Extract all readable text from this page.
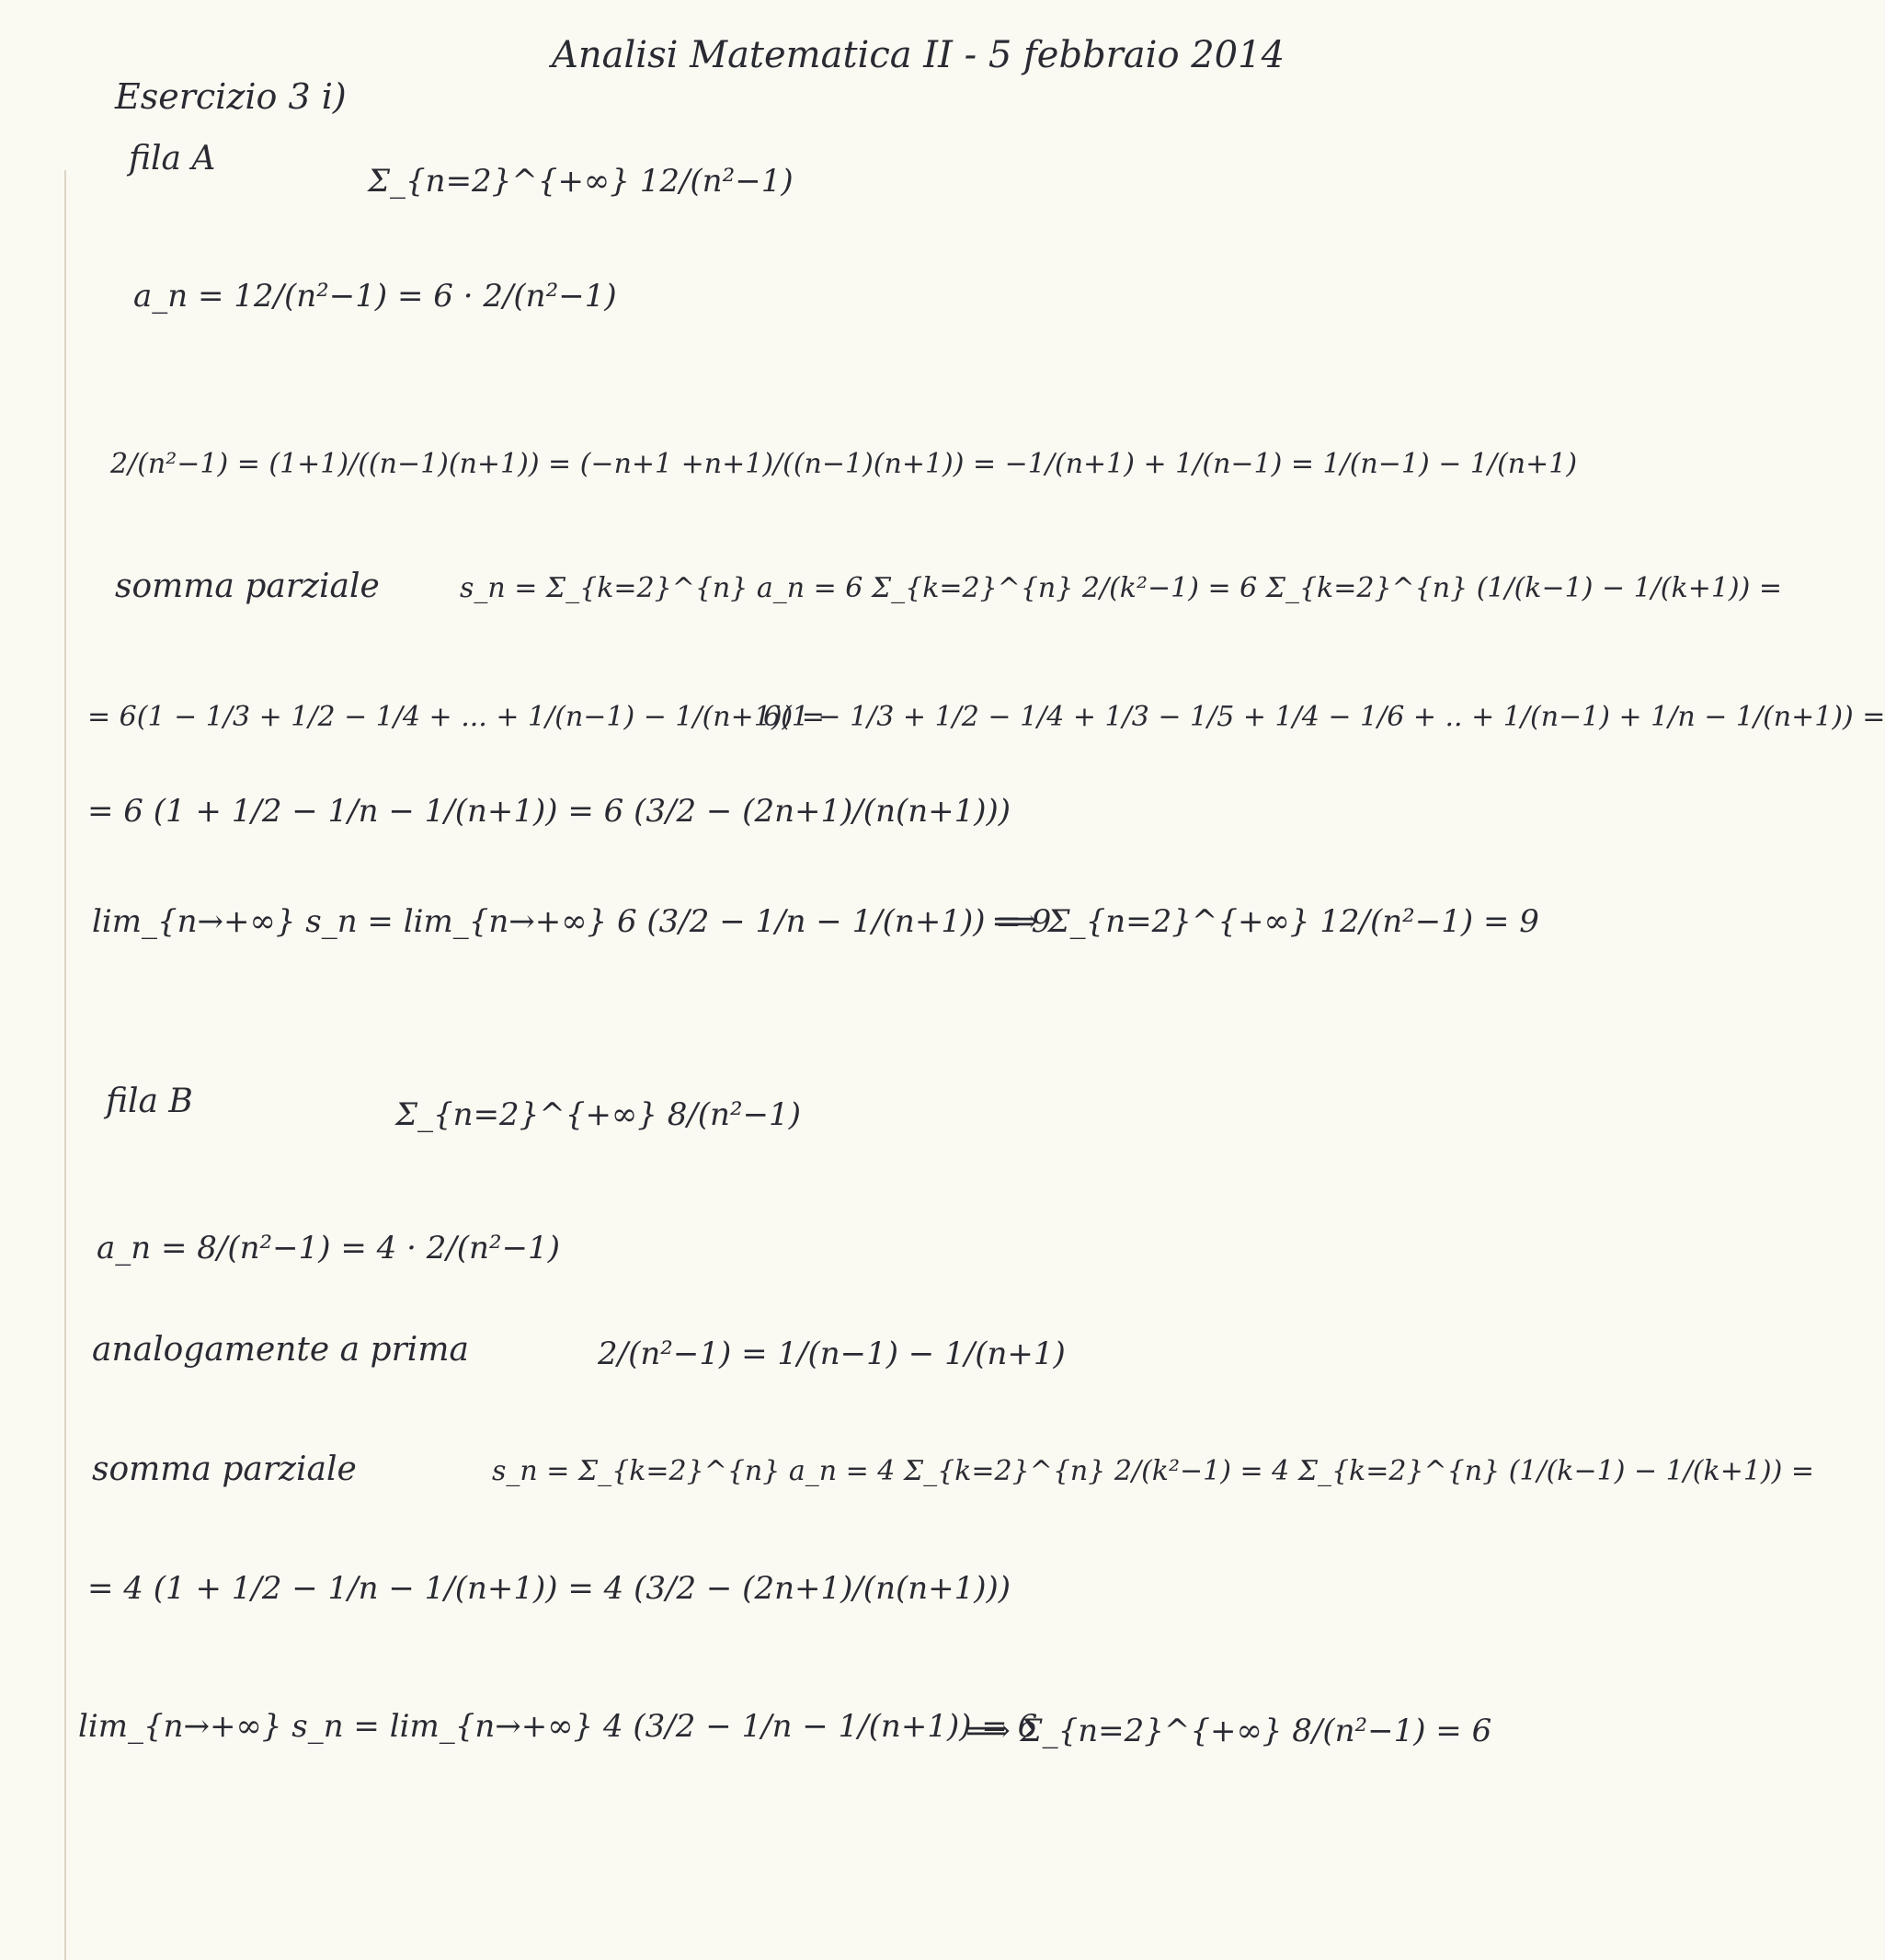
Analisi Matematica II - 5 febbraio 2014
Esercizio 3 i)
fila A
Σ_{n=2}^{+∞} 12/(n²−1)
a_n = 12/(n²−1) = 6 · 2/(n²−1)
2/(n²−1) = (1+1)/((n−1)(n+1)) = (−n+1 +n+1)/((n−1)(n+1)) = −1/(n+1) + 1/(n−1) = 1/(n−1) − 1/(n+1)
somma parziale	s_n = Σ_{k=2}^{n} a_n = 6 Σ_{k=2}^{n} 2/(k²−1) = 6 Σ_{k=2}^{n} (1/(k−1) − 1/(k+1)) =
= 6(1 − 1/3 + 1/2 − 1/4 + ... + 1/(n−1) − 1/(n+1)) =
6(1 − 1/3 + 1/2 − 1/4 + 1/3 − 1/5 + 1/4 − 1/6 + .. + 1/(n−1) + 1/n − 1/(n+1)) =
= 6 (1 + 1/2 − 1/n − 1/(n+1)) = 6 (3/2 − (2n+1)/(n(n+1)))
lim_{n→+∞} s_n = lim_{n→+∞} 6 (3/2 − 1/n − 1/(n+1)) = 9
⟹ Σ_{n=2}^{+∞} 12/(n²−1) = 9
fila B	Σ_{n=2}^{+∞} 8/(n²−1)
a_n = 8/(n²−1) = 4 · 2/(n²−1)
analogamente a prima	2/(n²−1) = 1/(n−1) − 1/(n+1)
somma parziale	s_n = Σ_{k=2}^{n} a_n = 4 Σ_{k=2}^{n} 2/(k²−1) = 4 Σ_{k=2}^{n} (1/(k−1) − 1/(k+1)) =
= 4 (1 + 1/2 − 1/n − 1/(n+1)) = 4 (3/2 − (2n+1)/(n(n+1)))
lim_{n→+∞} s_n = lim_{n→+∞} 4 (3/2 − 1/n − 1/(n+1)) = 6
⟹ Σ_{n=2}^{+∞} 8/(n²−1) = 6
